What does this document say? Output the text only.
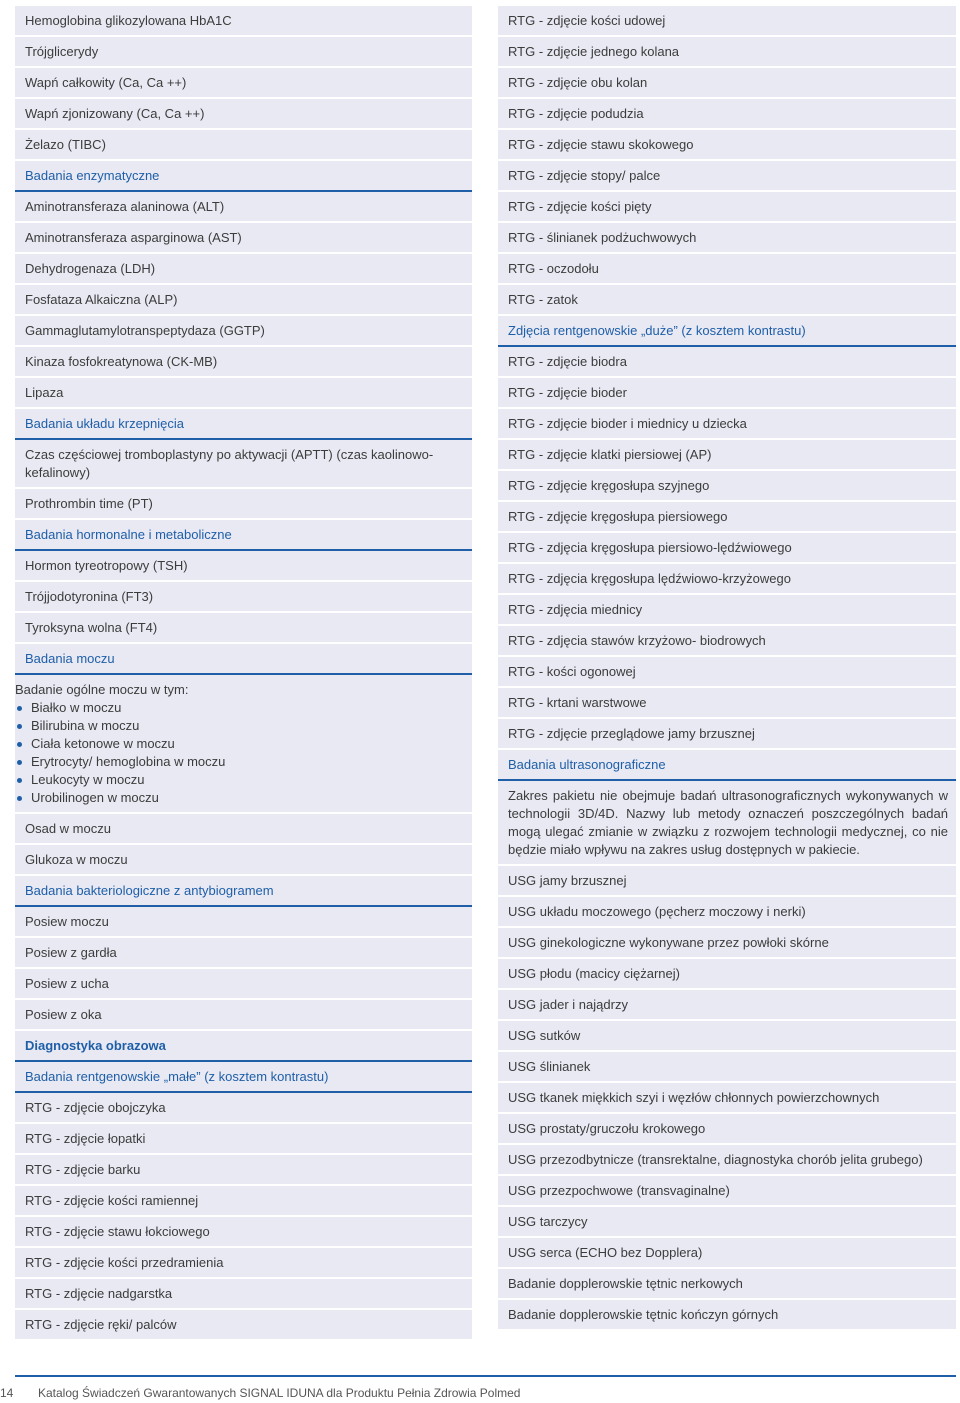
Hemoglobina glikozylowana HbA1C
Trójglicerydy
Wapń całkowity (Ca, Ca ++)
Wapń zjonizowany (Ca, Ca ++)
Żelazo (TIBC)
Badania enzymatyczne
Aminotransferaza alaninowa (ALT)
Aminotransferaza asparginowa (AST)
Dehydrogenaza (LDH)
Fosfataza Alkaiczna (ALP)
Gammaglutamylotranspeptydaza (GGTP)
Kinaza fosfokreatynowa (CK-MB)
Lipaza
Badania układu krzepnięcia
Czas częściowej tromboplastyny po aktywacji (APTT) (czas kaolinowo-kefalinowy)
Prothrombin time (PT)
Badania hormonalne i metaboliczne
Hormon tyreotropowy (TSH)
Trójjodotyronina (FT3)
Tyroksyna wolna (FT4)
Badania moczu
Badanie ogólne moczu w tym:
Białko w moczu
Bilirubina w moczu
Ciała ketonowe w moczu
Erytrocyty/ hemoglobina w moczu
Leukocyty w moczu
Urobilinogen w moczu
Osad w moczu
Glukoza w moczu
Badania bakteriologiczne z antybiogramem
Posiew moczu
Posiew z gardła
Posiew z ucha
Posiew z oka
Diagnostyka obrazowa
Badania rentgenowskie „małe” (z kosztem kontrastu)
RTG - zdjęcie obojczyka
RTG - zdjęcie łopatki
RTG - zdjęcie barku
RTG - zdjęcie kości ramiennej
RTG - zdjęcie stawu łokciowego
RTG - zdjęcie kości przedramienia
RTG - zdjęcie nadgarstka
RTG - zdjęcie ręki/ palców
RTG - zdjęcie kości udowej
RTG - zdjęcie jednego kolana
RTG - zdjęcie obu kolan
RTG - zdjęcie podudzia
RTG - zdjęcie stawu skokowego
RTG - zdjęcie stopy/ palce
RTG - zdjęcie kości pięty
RTG - ślinianek podżuchwowych
RTG - oczodołu
RTG - zatok
Zdjęcia rentgenowskie „duże” (z kosztem kontrastu)
RTG - zdjęcie biodra
RTG - zdjęcie bioder
RTG - zdjęcie bioder i miednicy u dziecka
RTG - zdjęcie klatki piersiowej (AP)
RTG - zdjęcie kręgosłupa szyjnego
RTG - zdjęcie kręgosłupa piersiowego
RTG - zdjęcia kręgosłupa piersiowo-lędźwiowego
RTG - zdjęcia kręgosłupa lędźwiowo-krzyżowego
RTG - zdjęcia miednicy
RTG - zdjęcia stawów krzyżowo- biodrowych
RTG - kości ogonowej
RTG - krtani warstwowe
RTG - zdjęcie przeglądowe jamy brzusznej
Badania ultrasonograficzne
Zakres pakietu nie obejmuje badań ultrasonograficznych wykonywanych w technologii 3D/4D. Nazwy lub metody oznaczeń poszczególnych badań mogą ulegać zmianie w związku z rozwojem technologii medycznej, co nie będzie miało wpływu na zakres usług dostępnych w pakiecie.
USG jamy brzusznej
USG układu moczowego (pęcherz moczowy i nerki)
USG ginekologiczne wykonywane przez powłoki skórne
USG płodu (macicy ciężarnej)
USG jader i najądrzy
USG sutków
USG ślinianek
USG tkanek miękkich szyi i węzłów chłonnych powierzchownych
USG prostaty/gruczołu krokowego
USG przezodbytnicze (transrektalne, diagnostyka chorób jelita grubego)
USG przezpochwowe (transvaginalne)
USG tarczycy
USG serca (ECHO bez Dopplera)
Badanie dopplerowskie tętnic nerkowych
Badanie dopplerowskie tętnic kończyn górnych
14 Katalog Świadczeń Gwarantowanych SIGNAL IDUNA dla Produktu Pełnia Zdrowia Polmed
